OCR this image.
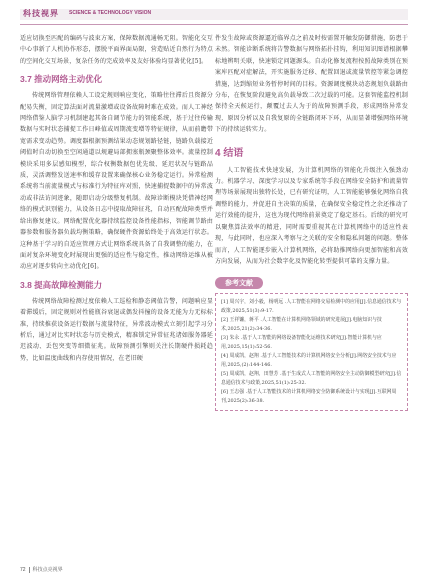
科技视界 SCIENCE & TECHNOLOGY VISION

适应切换至匹配的编码与波束方案，保障数据流通畅无阻。智能化交互中心事新了人机协作形态，摆脱平面界面局限，营造贴近自然行为特点的空间化交互场景，复杂任务的完成效率及友好体验均显著优化[5]。

3.7 推动网络主动优化

传统网络管理依赖人工设定规则响应变化，策略往往滞后且资源分配易失衡，固定算法面对流量激增或设备故障时难在成效。而人工神经网络借鉴人脑学习机制建起其备自调节能力的智能系统，基于过往传输数据与实时状态捕捉工作日峰值或周期流变增等特征规律，从而前瞻带宽需求变动趋势。调度器根据预测结果动态规划路径链，链路负载接近阈值时自动切换至空闲通道以规避局部拥塞瓶颈聚整体效率。流量控制模块采用多层感知模型，综合权衡数据包优先级、延迟状况与链路品质，灵活调整发送速率和缓存设置来确保核心业务稳定运行。异常检测系统将当前流量模式与标准行为特征库对照，快速捕捉数据中的异常波动或非法访问迹象，随即启动分级整复机制。故障诊断模块凭借神经网络的模式识别能力，从设备日志中提取故障征兆，自动匹配故障类型并给出修复建议。网络配置优化器持续监控设备性能指标，智能调节路由器参数和服务器负载均衡策略，确保硬件资源始终处于高效运行状态。这种基于学习的自适应管理方式让网络系统具备了自我调整的能力，在面对复杂环境变化时展现出更强的适应性与稳定性，推动网络运维从被动应对逐步转向主动优化[6]。

3.8 提高故障检测能力

传统网络故障检测过度依赖人工巡检和静态阈值告警，问题响应显着滞缓后，固定规则对性能瓶谷衰退或偶发抖撞的设备无能为力无标标准，持续推获设备运行数据与流量特征，异常波动模式立刻引起学习分析后，通过对比实时状态与历史模式，精准锁定异常征兆诸如服务器延迟波动、丢包突变等细微征兆。故障预测引擎则关注长期硬件损耗趋势，比如温度曲线和内存使用情况，在老旧硬

件发生故障或资源逼近临界点之前及时按需置开触发防御措施，防患于未然。智能诊断系统将告警数据与网络拓扑挂钩，利用知识图谱根据攀标地辨明关联，快速锁定问题源头。自动化修复流程按照故障类别在预案库匹配对症解法，开实施服务迁移、配置回退或流量管控等紧急调控措施，达到缩短业务暂停时间的目标。资源调度模块动态规划负载路由分布，在恢复阶段避免高负载导致二次过载的可能。这套智能监控机制保持全天候运行，颠覆过去人为于的故障预测手段，形成网络异常发现、原因分析以及自我复原的全链路闭环下环，从而显著增强网络环境下的持续运转实力。

4 结语

人工智能技术快速发展，为计算机网络的智能化升级注入强劲动力。机器学习、深度学习以及专家系统等手段在网络安全防护和流量管理等场景展现出独特长处，已有研究证明，人工智能能够强化网络自我调整的能力，并促进自主决策的质量，在确保安全稳定性之余还推动了运行效能的提升，这也为现代网络前景奠定了稳定基石。后续的研究可以聚焦算法效率的精进，同时需要重视其在计算机网络中的适应性表现，与此同时，也应深入考察与之关联的安全和隐私问题的问题。整体而言，人工智能逐步嵌入计算机网络，必将助推网络向更加智能和高效方向发展，从而为社会数字化及智能化转型提供可靠的支撑力量。

参考文献

[1] 周兴宇，刘小毅，杨明远 .人工智能在网络交易检测中的应用[J].信息通信技术与政策,2025,51(3):9-17.

[2] 王祥镰，蒋平 .人工智能在计算机网络领域的研究进展[J].电脑知识与技术,2025,21(2):34-36.

[3] 朱永 .基于人工智能的网络设备智能化运维技术研究[J].智能计算机与应用,2025,15(1):52-56.

[4] 周成凯，赵翔 .基于人工智能技术的计算机网络安全分析[J].网络安全技术与应用,2025,(2):144-146.

[5] 周成凯，赵翔，田慧芳 .基于生成式人工智能的网络安全主动防御模型研究[J].信息通信技术与政策,2025,51(1):25-32.

[6] 王志强 .基于人工智能技术的计算机网络安全防御系统设计与实现[J].互联网周刊,2025(2):36-38.

72 科技点亮视界
